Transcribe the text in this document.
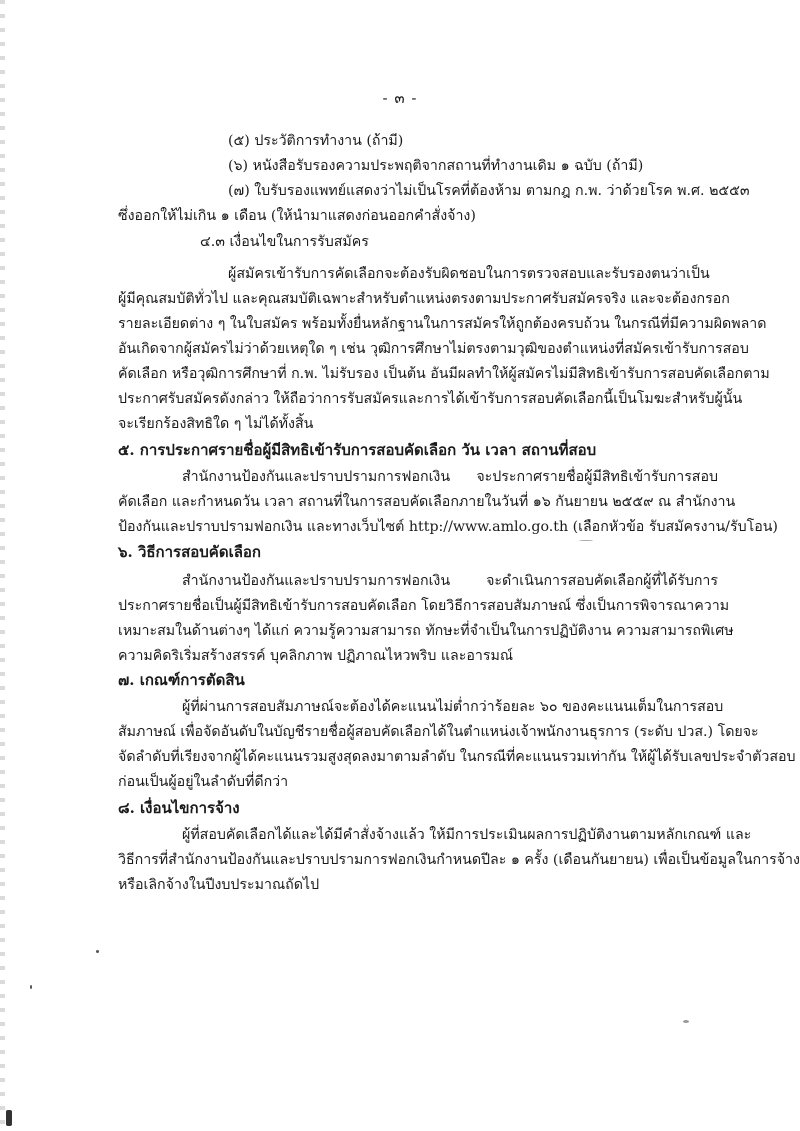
- ๓ -
(๕) ประวัติการทำงาน (ถ้ามี)
(๖) หนังสือรับรองความประพฤติจากสถานที่ทำงานเดิม ๑ ฉบับ (ถ้ามี)
(๗) ใบรับรองแพทย์แสดงว่าไม่เป็นโรคที่ต้องห้าม ตามกฎ ก.พ. ว่าด้วยโรค พ.ศ. ๒๕๕๓
ซึ่งออกให้ไม่เกิน ๑ เดือน (ให้นำมาแสดงก่อนออกคำสั่งจ้าง)
๔.๓ เงื่อนไขในการรับสมัคร
ผู้สมัครเข้ารับการคัดเลือกจะต้องรับผิดชอบในการตรวจสอบและรับรองตนว่าเป็น
ผู้มีคุณสมบัติทั่วไป และคุณสมบัติเฉพาะสำหรับตำแหน่งตรงตามประกาศรับสมัครจริง และจะต้องกรอก
รายละเอียดต่าง ๆ ในใบสมัคร พร้อมทั้งยื่นหลักฐานในการสมัครให้ถูกต้องครบถ้วน ในกรณีที่มีความผิดพลาด
อันเกิดจากผู้สมัครไม่ว่าด้วยเหตุใด ๆ เช่น วุฒิการศึกษาไม่ตรงตามวุฒิของตำแหน่งที่สมัครเข้ารับการสอบ
คัดเลือก หรือวุฒิการศึกษาที่ ก.พ. ไม่รับรอง เป็นต้น อันมีผลทำให้ผู้สมัครไม่มีสิทธิเข้ารับการสอบคัดเลือกตาม
ประกาศรับสมัครดังกล่าว ให้ถือว่าการรับสมัครและการได้เข้ารับการสอบคัดเลือกนี้เป็นโมฆะสำหรับผู้นั้น
จะเรียกร้องสิทธิใด ๆ ไม่ได้ทั้งสิ้น
๕. การประกาศรายชื่อผู้มีสิทธิเข้ารับการสอบคัดเลือก วัน เวลา สถานที่สอบ
สำนักงานป้องกันและปราบปรามการฟอกเงิน จะประกาศรายชื่อผู้มีสิทธิเข้ารับการสอบ
คัดเลือก และกำหนดวัน เวลา สถานที่ในการสอบคัดเลือกภายในวันที่ ๑๖ กันยายน ๒๕๕๙ ณ สำนักงาน
ป้องกันและปราบปรามฟอกเงิน และทางเว็บไซต์ http://www.amlo.go.th (เลือกหัวข้อ รับสมัครงาน/รับโอน)
๖. วิธีการสอบคัดเลือก
สำนักงานป้องกันและปราบปรามการฟอกเงิน จะดำเนินการสอบคัดเลือกผู้ที่ได้รับการ
ประกาศรายชื่อเป็นผู้มีสิทธิเข้ารับการสอบคัดเลือก โดยวิธีการสอบสัมภาษณ์ ซึ่งเป็นการพิจารณาความ
เหมาะสมในด้านต่างๆ ได้แก่ ความรู้ความสามารถ ทักษะที่จำเป็นในการปฏิบัติงาน ความสามารถพิเศษ
ความคิดริเริ่มสร้างสรรค์ บุคลิกภาพ ปฏิภาณไหวพริบ และอารมณ์
๗. เกณฑ์การตัดสิน
ผู้ที่ผ่านการสอบสัมภาษณ์จะต้องได้คะแนนไม่ต่ำกว่าร้อยละ ๖๐ ของคะแนนเต็มในการสอบ
สัมภาษณ์ เพื่อจัดอันดับในบัญชีรายชื่อผู้สอบคัดเลือกได้ในตำแหน่งเจ้าพนักงานธุรการ (ระดับ ปวส.) โดยจะ
จัดลำดับที่เรียงจากผู้ได้คะแนนรวมสูงสุดลงมาตามลำดับ ในกรณีที่คะแนนรวมเท่ากัน ให้ผู้ได้รับเลขประจำตัวสอบ
ก่อนเป็นผู้อยู่ในลำดับที่ดีกว่า
๘. เงื่อนไขการจ้าง
ผู้ที่สอบคัดเลือกได้และได้มีคำสั่งจ้างแล้ว ให้มีการประเมินผลการปฏิบัติงานตามหลักเกณฑ์ และ
วิธีการที่สำนักงานป้องกันและปราบปรามการฟอกเงินกำหนดปีละ ๑ ครั้ง (เดือนกันยายน) เพื่อเป็นข้อมูลในการจ้าง
หรือเลิกจ้างในปีงบประมาณถัดไป
